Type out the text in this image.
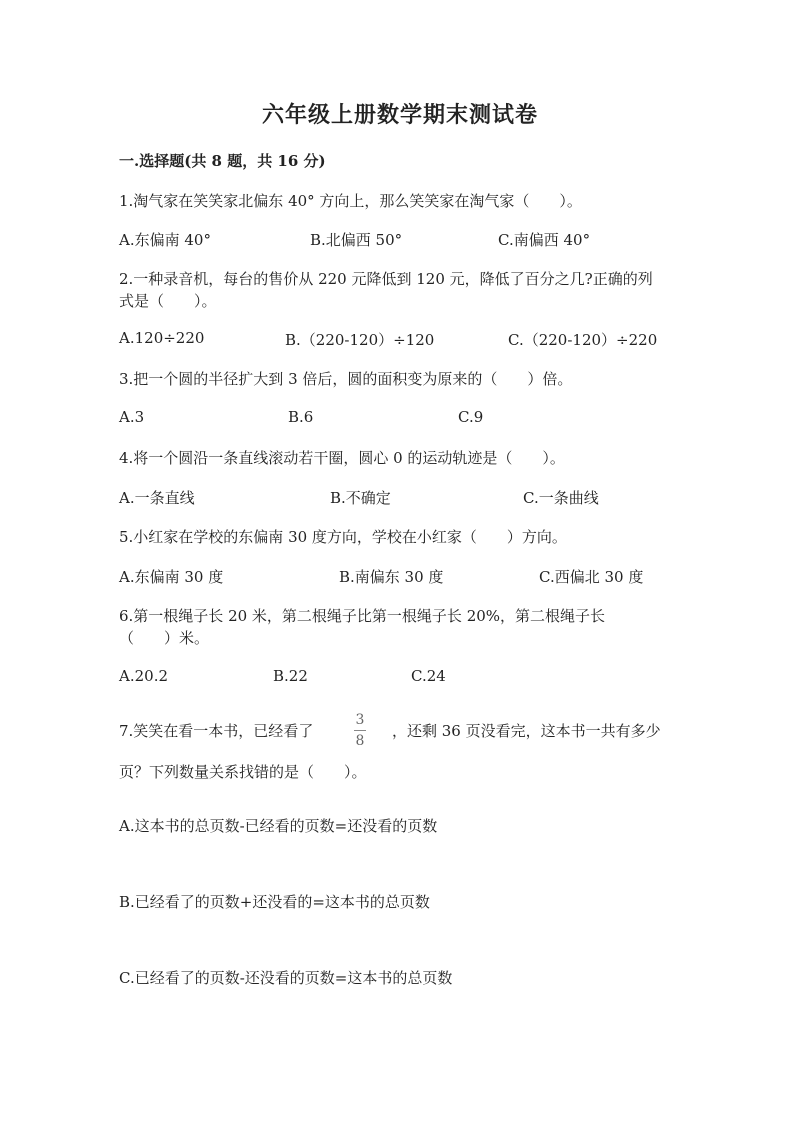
六年级上册数学期末测试卷
一.选择题(共 8 题，共 16 分)
1.淘气家在笑笑家北偏东 40° 方向上，那么笑笑家在淘气家（　　）。
A.东偏南 40°	B.北偏西 50°	C.南偏西 40°
2.一种录音机，每台的售价从 220 元降低到 120 元，降低了百分之几?正确的列
式是（　　）。
A.120÷220	B.（220-120）÷120	C.（220-120）÷220
3.把一个圆的半径扩大到 3 倍后，圆的面积变为原来的（　　）倍。
A.3	B.6	C.9
4.将一个圆沿一条直线滚动若干圈，圆心 0 的运动轨迹是（　　）。
A.一条直线	B.不确定	C.一条曲线
5.小红家在学校的东偏南 30 度方向，学校在小红家（　　）方向。
A.东偏南 30 度	B.南偏东 30 度	C.西偏北 30 度
6.第一根绳子长 20 米，第二根绳子比第一根绳子长 20%，第二根绳子长
（　　）米。
A.20.2	B.22	C.24
7.笑笑在看一本书，已经看了
3
8
，还剩 36 页没看完，这本书一共有多少
页？下列数量关系找错的是（　　）。
A.这本书的总页数-已经看的页数=还没看的页数
B.已经看了的页数+还没看的=这本书的总页数
C.已经看了的页数-还没看的页数=这本书的总页数
